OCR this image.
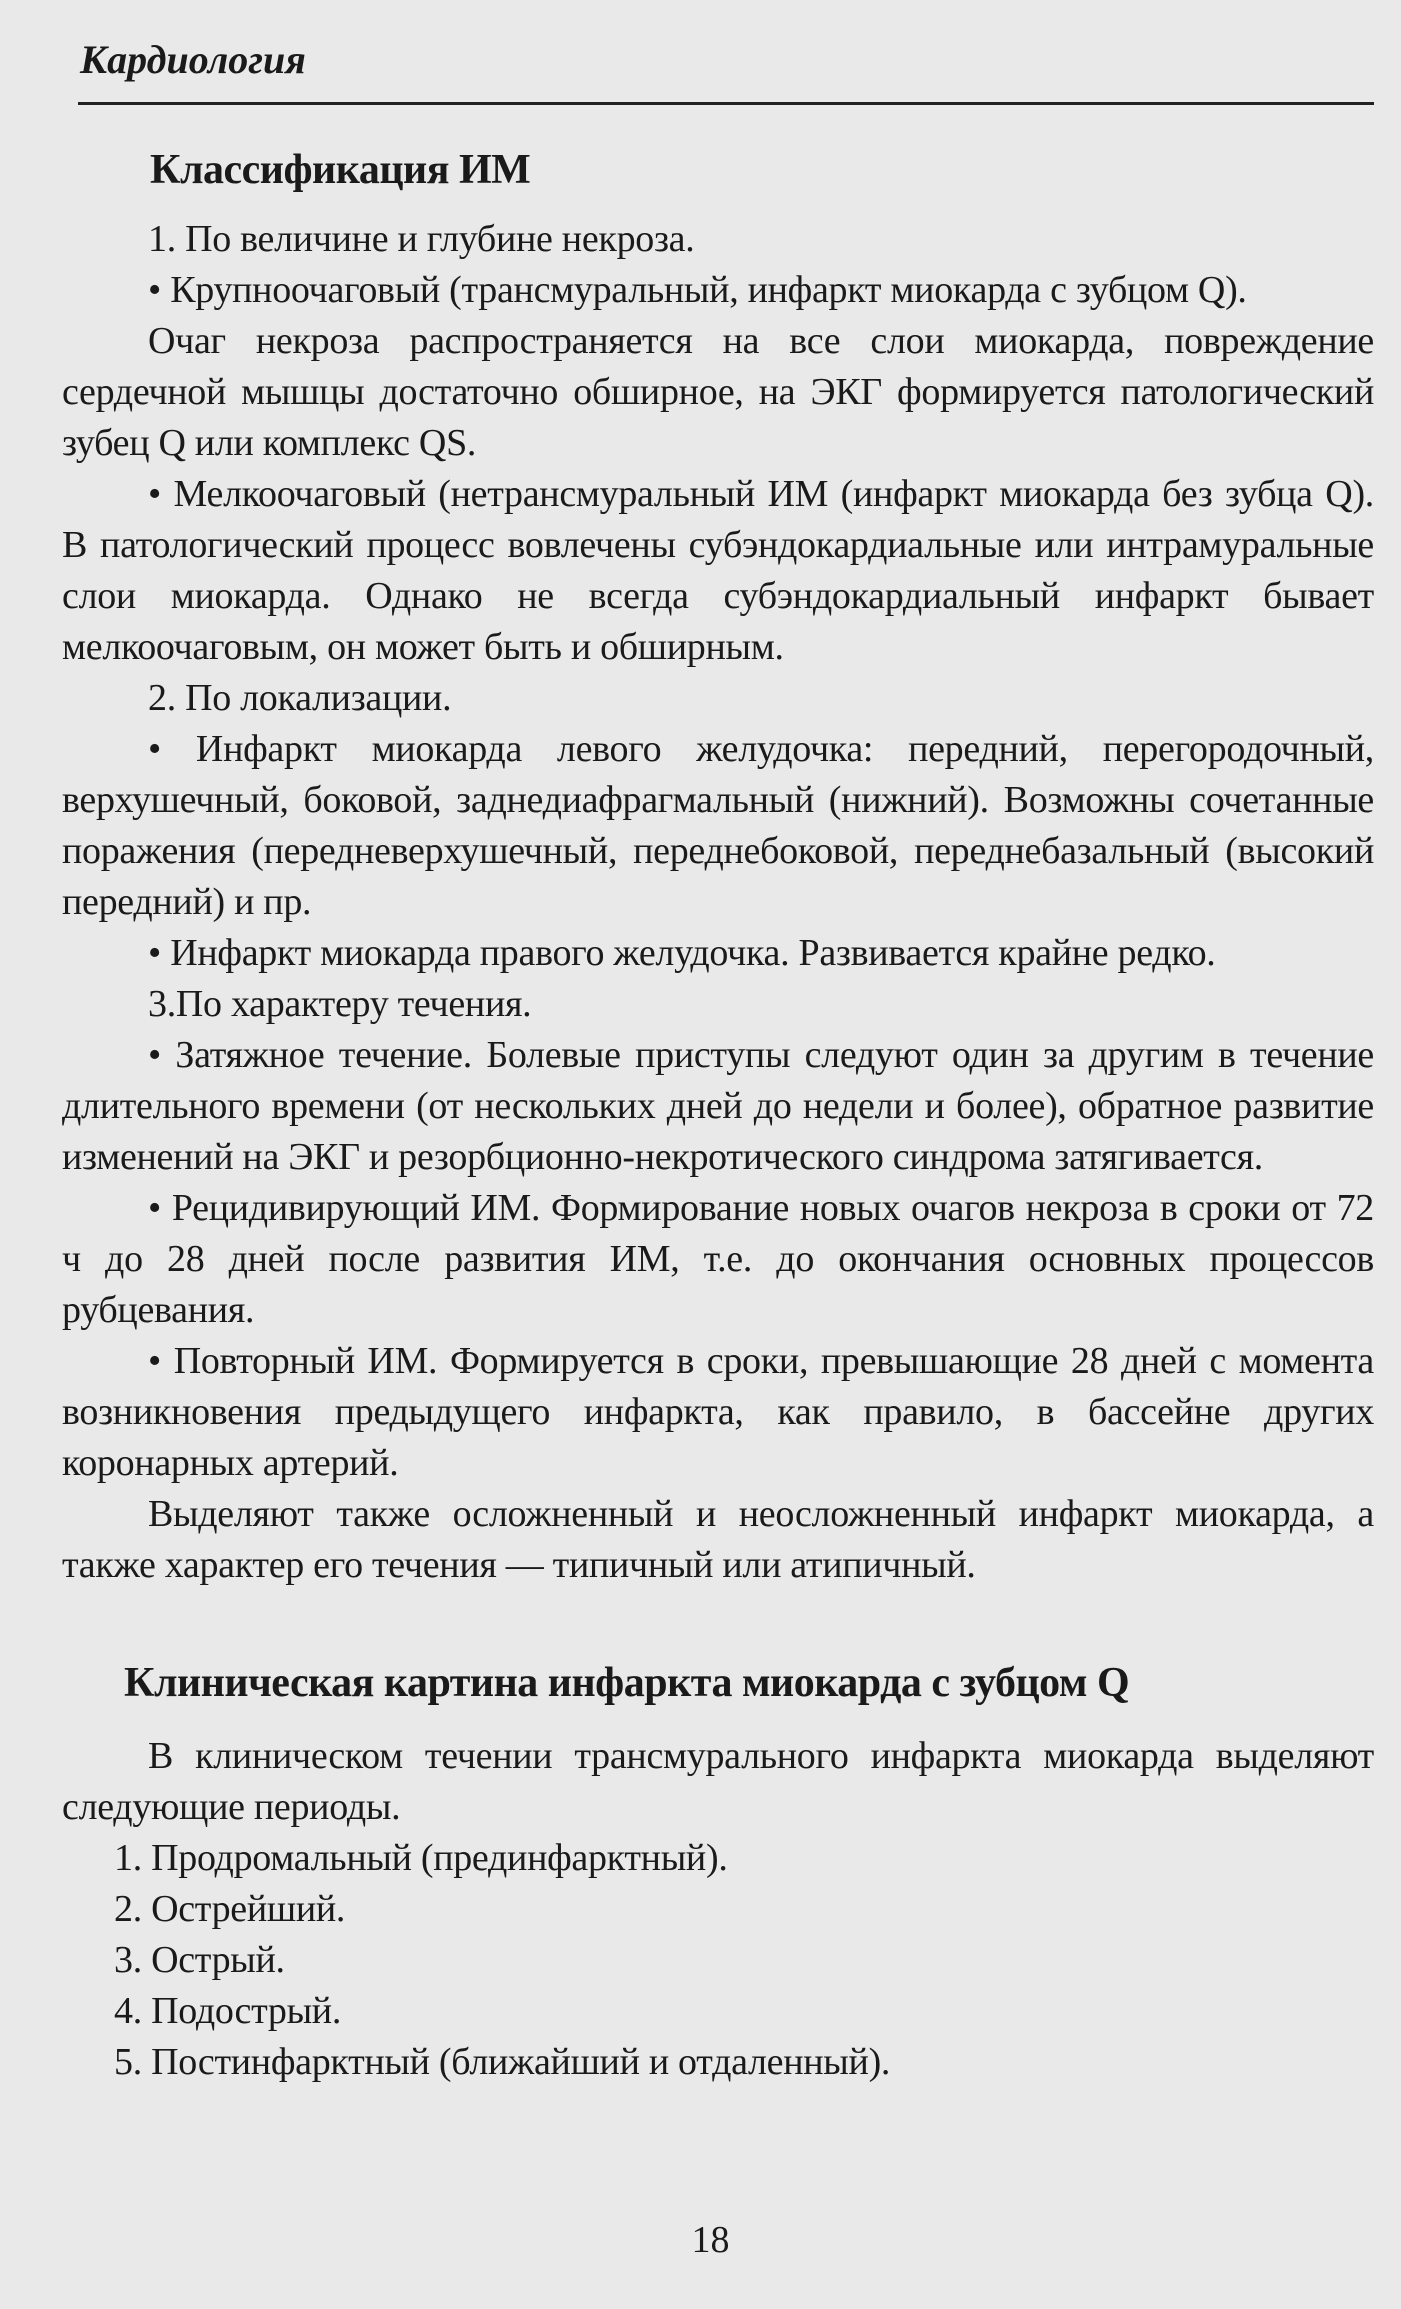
Кардиология
Классификация ИМ

1. По величине и глубине некроза.

• Крупноочаговый (трансмуральный, инфаркт миокарда с зубцом Q).

Очаг некроза распространяется на все слои миокарда, повреждение сердечной мышцы достаточно обширное, на ЭКГ формируется патологический зубец Q или комплекс QS.

• Мелкоочаговый (нетрансмуральный ИМ (инфаркт миокарда без зубца Q). В патологический процесс вовлечены субэндокардиальные или интрамуральные слои миокарда. Однако не всегда субэндокардиальный инфаркт бывает мелкоочаговым, он может быть и обширным.

2. По локализации.

• Инфаркт миокарда левого желудочка: передний, перегородочный, верхушечный, боковой, заднедиафрагмальный (нижний). Возможны сочетанные поражения (передневерхушечный, переднебоковой, переднебазальный (высокий передний) и пр.

• Инфаркт миокарда правого желудочка. Развивается крайне редко.

3.По характеру течения.

• Затяжное течение. Болевые приступы следуют один за другим в течение длительного времени (от нескольких дней до недели и более), обратное развитие изменений на ЭКГ и резорбционно-некротического синдрома затягивается.

• Рецидивирующий ИМ. Формирование новых очагов некроза в сроки от 72 ч до 28 дней после развития ИМ, т.е. до окончания основных процессов рубцевания.

• Повторный ИМ. Формируется в сроки, превышающие 28 дней с момента возникновения предыдущего инфаркта, как правило, в бассейне других коронарных артерий.

Выделяют также осложненный и неосложненный инфаркт миокарда, а также характер его течения — типичный или атипичный.

Клиническая картина инфаркта миокарда с зубцом Q

В клиническом течении трансмурального инфаркта миокарда выделяют следующие периоды.

1. Продромальный (прединфарктный).

2. Острейший.

3. Острый.

4. Подострый.

5. Постинфарктный (ближайший и отдаленный).

18
